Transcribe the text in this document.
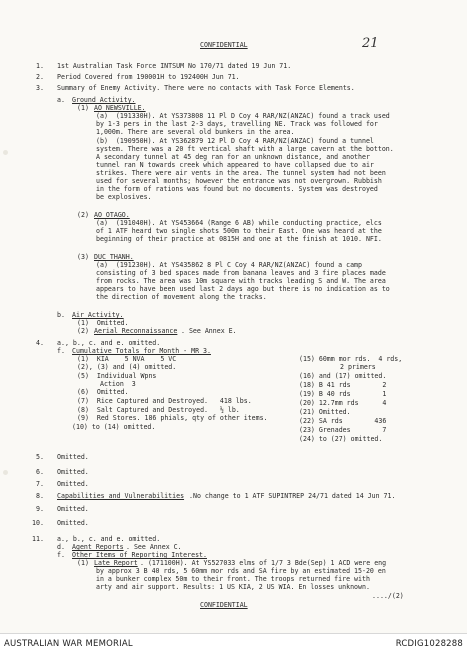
21
CONFIDENTIAL
1. 1st Australian Task Force INTSUM No 170/71 dated 19 Jun 71.
2. Period Covered from 190001H to 192400H Jun 71.
3. Summary of Enemy Activity. There were no contacts with Task Force Elements.
a. Ground Activity.
(1) AO NEWSVILLE.
(a)  (191330H). At YS373808 11 Pl D Coy 4 RAR/NZ(ANZAC) found a track used
by 1-3 pers in the last 2-3 days, travelling NE. Track was followed for
1,000m. There are several old bunkers in the area.
(b)  (190950H). At YS362879 12 Pl D Coy 4 RAR/NZ(ANZAC) found a tunnel
system. There was a 20 ft vertical shaft with a large cavern at the botton.
A secondary tunnel at 45 deg ran for an unknown distance, and another
tunnel ran N towards creek which appeared to have collapsed due to air
strikes. There were air vents in the area. The tunnel system had not been
used for several months; however the entrance was not overgrown. Rubbish
in the form of rations was found but no documents. System was destroyed
be explosives.
(2) AO OTAGO.
(a)  (191040H). At YS453664 (Range 6 AB) while conducting practice, elcs
of 1 ATF heard two single shots 500m to their East. One was heard at the
beginning of their practice at 0815H and one at the finish at 1010. NFI.
(3) DUC THANH.
(a)  (191230H). At YS435862 8 Pl C Coy 4 RAR/NZ(ANZAC) found a camp
consisting of 3 bed spaces made from banana leaves and 3 fire places made
from rocks. The area was 10m square with tracks leading S and W. The area
appears to have been used last 2 days ago but there is no indication as to
the direction of movement along the tracks.
b. Air Activity.
(1)  Omitted.
(2) Aerial Reconnaissance . See Annex E.
4. a., b., c. and e. omitted.
f. Cumulative Totals for Month - MR 3.
(1)  KIA    5 NVA    5 VC
(2), (3) and (4) omitted.
(5)  Individual Wpns
Action  3
(6)  Omitted.
(7)  Rice Captured and Destroyed.   418 lbs.
(8)  Salt Captured and Destroyed.   ½ lb.
(9)  Red Stores. 186 phials, qty of other items.
(10) to (14) omitted.
(15) 60mm mor rds.  4 rds,
2 primers
(16) and (17) omitted.
(18) B 41 rds        2
(19) B 40 rds        1
(20) 12.7mm rds      4
(21) Omitted.
(22) SA rds        436
(23) Grenades        7
(24) to (27) omitted.
5. Omitted.
6. Omitted.
7. Omitted.
8. Capabilities and Vulnerabilities .No change to 1 ATF SUPINTREP 24/71 dated 14 Jun 71.
9. Omitted.
10. Omitted.
11. a., b., c. and e. omitted.
d. Agent Reports . See Annex C.
f. Other Items of Reporting Interest.
(1) Late Report . (171100H). At YS527033 elms of 1/7 3 Bde(Sep) 1 ACD were eng
by approx 3 B 40 rds, 5 60mm mor rds and SA fire by an estimated 15-20 en
in a bunker complex 50m to their front. The troops returned fire with
arty and air support. Results: 1 US KIA, 2 US WIA. En losses unknown.
..../(2)
CONFIDENTIAL
AUSTRALIAN WAR MEMORIAL	RCDIG1028288
